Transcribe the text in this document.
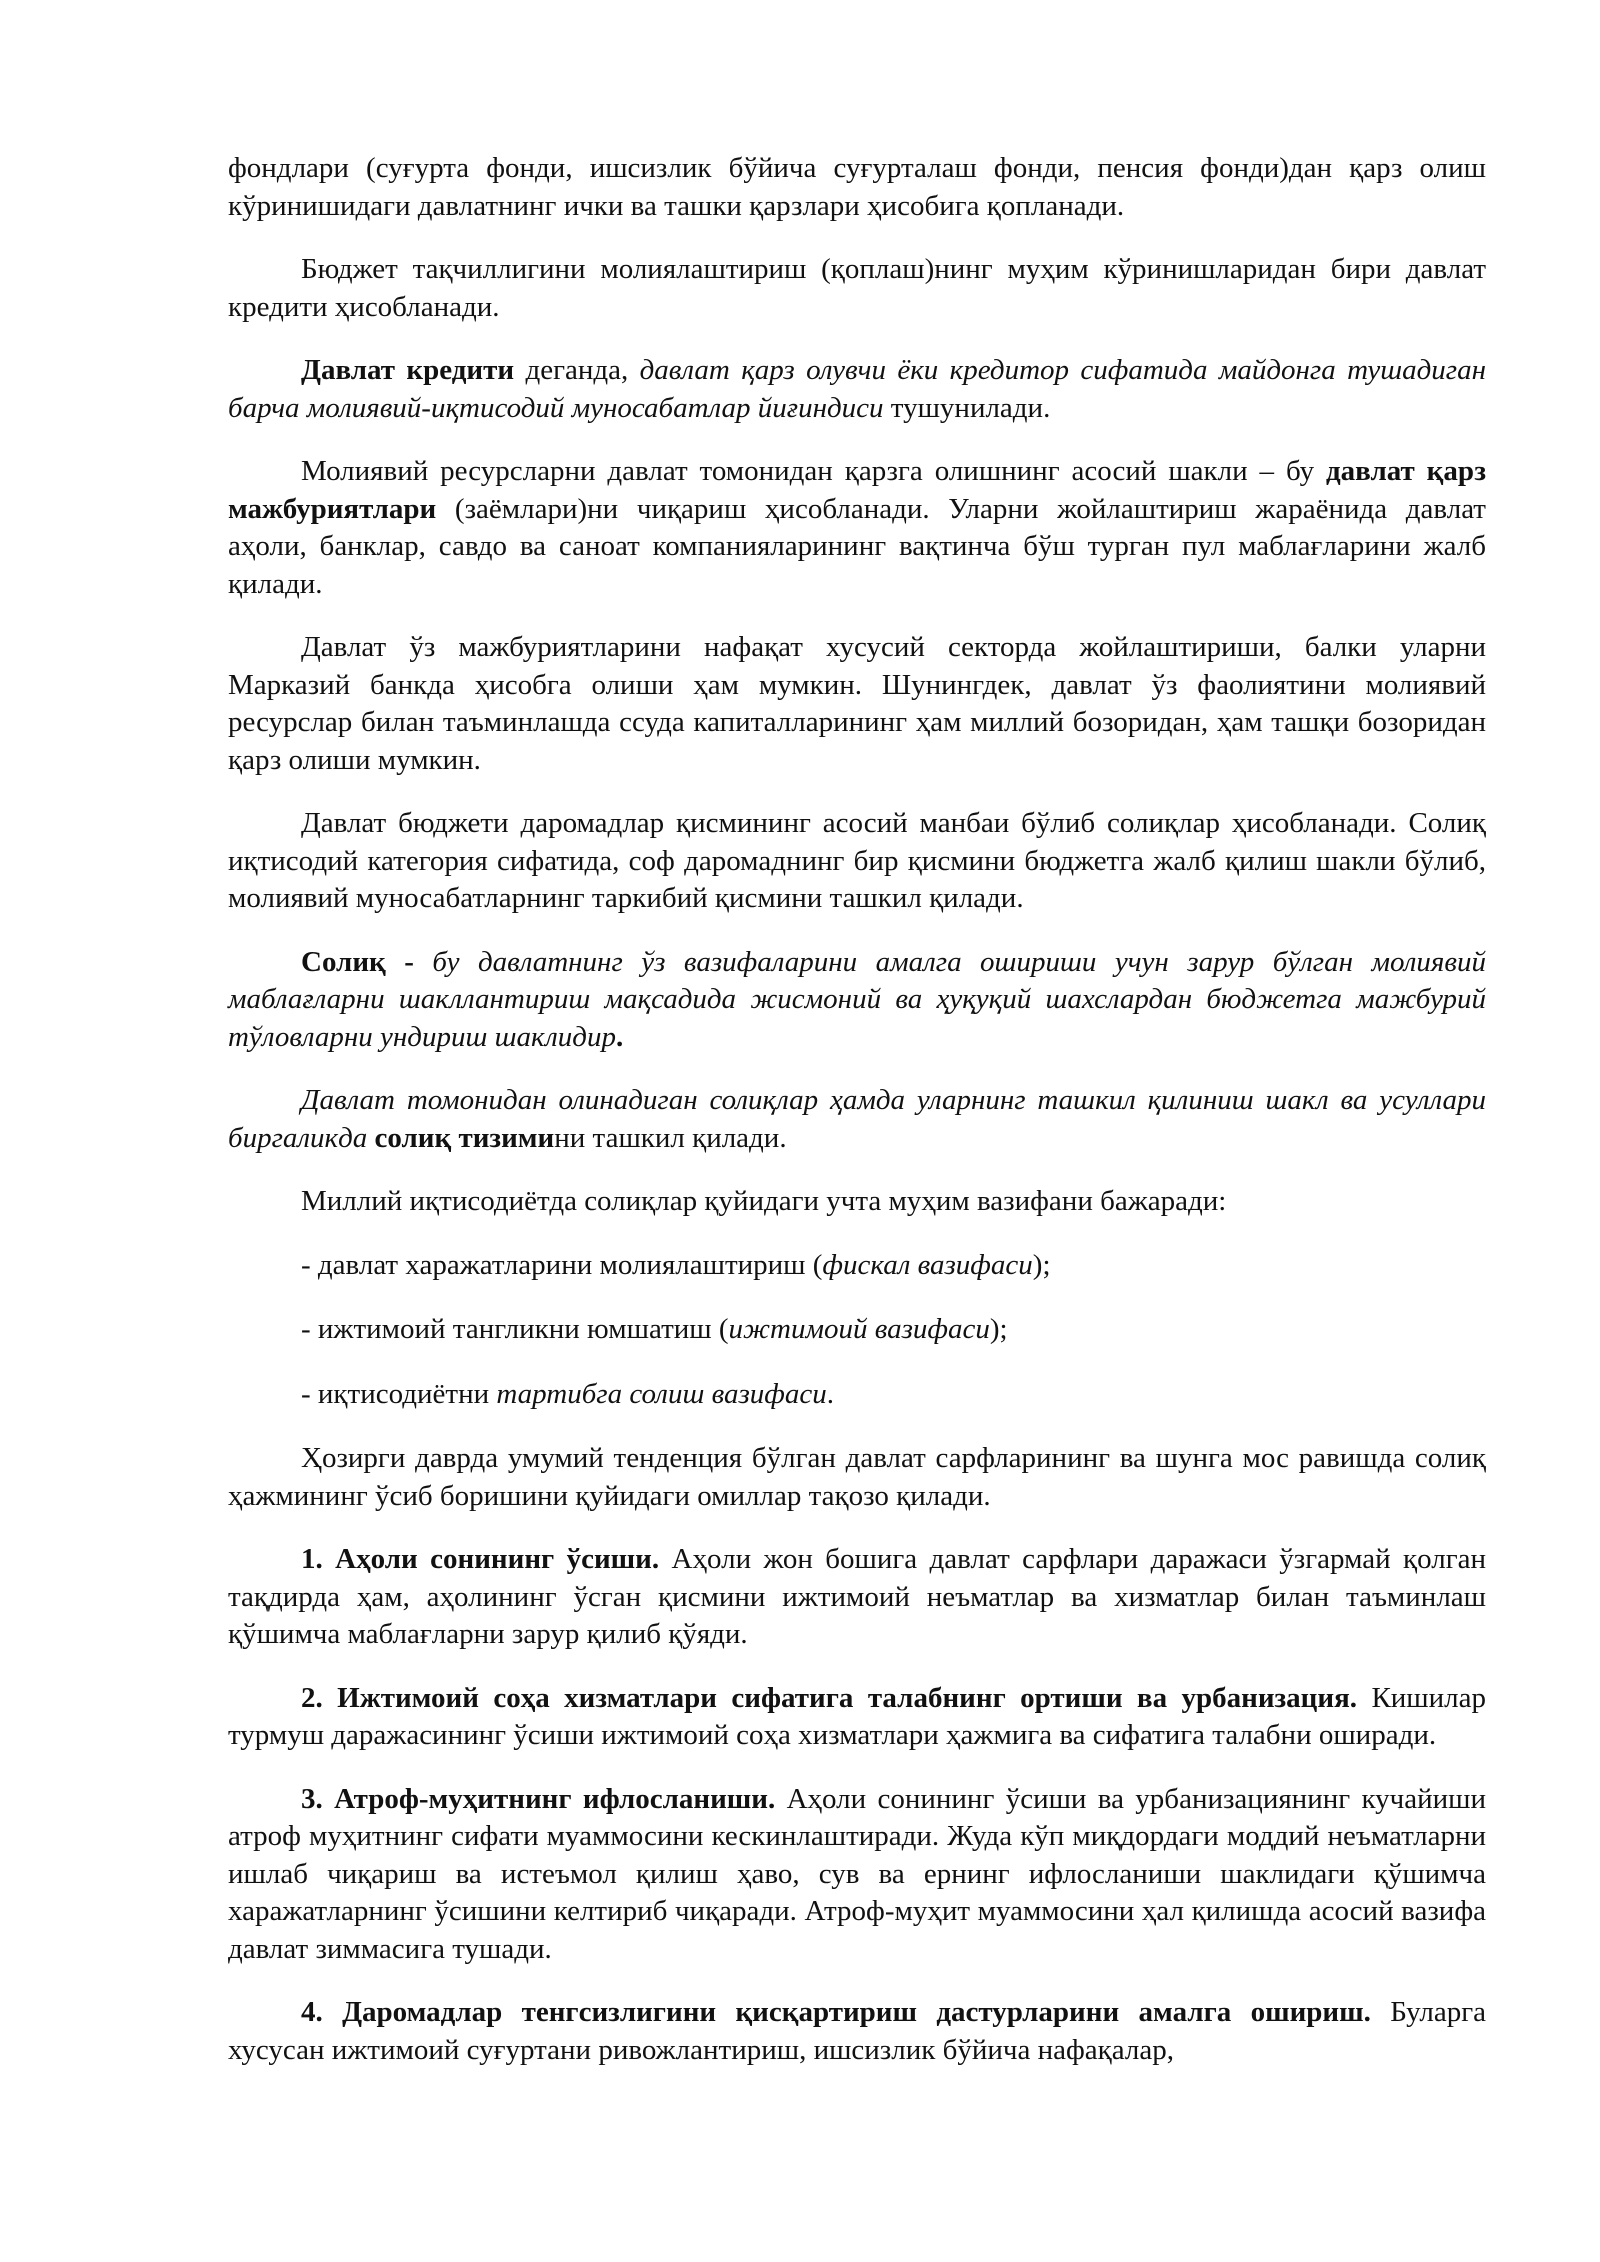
фондлари (суғурта фонди, ишсизлик бўйича суғурталаш фонди, пенсия фонди)дан қарз олиш кўринишидаги давлатнинг ички ва ташки қарзлари ҳисобига қопланади.

Бюджет тақчиллигини молиялаштириш (қоплаш)нинг муҳим кўринишларидан бири давлат кредити ҳисобланади.

Давлат кредити деганда, давлат қарз олувчи ёки кредитор сифатида майдонга тушадиган барча молиявий-иқтисодий муносабатлар йиғиндиси тушунилади.

Молиявий ресурсларни давлат томонидан қарзга олишнинг асосий шакли – бу давлат қарз мажбуриятлари (заёмлари)ни чиқариш ҳисобланади. Уларни жойлаштириш жараёнида давлат аҳоли, банклар, савдо ва саноат компанияларининг вақтинча бўш турган пул маблағларини жалб қилади.

Давлат ўз мажбуриятларини нафақат хусусий секторда жойлаштириши, балки уларни Марказий банкда ҳисобга олиши ҳам мумкин. Шунингдек, давлат ўз фаолиятини молиявий ресурслар билан таъминлашда ссуда капиталларининг ҳам миллий бозоридан, ҳам ташқи бозоридан қарз олиши мумкин.

Давлат бюджети даромадлар қисмининг асосий манбаи бўлиб солиқлар ҳисобланади. Солиқ иқтисодий категория сифатида, соф даромаднинг бир қисмини бюджетга жалб қилиш шакли бўлиб, молиявий муносабатларнинг таркибий қисмини ташкил қилади.

Солиқ - бу давлатнинг ўз вазифаларини амалга ошириши учун зарур бўлган молиявий маблағларни шакллантириш мақсадида жисмоний ва ҳуқуқий шахслардан бюджетга мажбурий тўловларни ундириш шаклидир.

Давлат томонидан олинадиган солиқлар ҳамда уларнинг ташкил қилиниш шакл ва усуллари биргаликда солиқ тизимини ташкил қилади.

Миллий иқтисодиётда солиқлар қуйидаги учта муҳим вазифани бажаради:

- давлат харажатларини молиялаштириш (фискал вазифаси);

- ижтимоий тангликни юмшатиш (ижтимоий вазифаси);

- иқтисодиётни тартибга солиш вазифаси.

Ҳозирги даврда умумий тенденция бўлган давлат сарфларининг ва шунга мос равишда солиқ ҳажмининг ўсиб боришини қуйидаги омиллар тақозо қилади.

1. Аҳоли сонининг ўсиши. Аҳоли жон бошига давлат сарфлари даражаси ўзгармай қолган тақдирда ҳам, аҳолининг ўсган қисмини ижтимоий неъматлар ва хизматлар билан таъминлаш қўшимча маблағларни зарур қилиб қўяди.

2. Ижтимоий соҳа хизматлари сифатига талабнинг ортиши ва урбанизация. Кишилар турмуш даражасининг ўсиши ижтимоий соҳа хизматлари ҳажмига ва сифатига талабни оширади.

3. Атроф-муҳитнинг ифлосланиши. Аҳоли сонининг ўсиши ва урбанизациянинг кучайиши атроф муҳитнинг сифати муаммосини кескинлаштиради. Жуда кўп миқдордаги моддий неъматларни ишлаб чиқариш ва истеъмол қилиш ҳаво, сув ва ернинг ифлосланиши шаклидаги қўшимча харажатларнинг ўсишини келтириб чиқаради. Атроф-муҳит муаммосини ҳал қилишда асосий вазифа давлат зиммасига тушади.

4. Даромадлар тенгсизлигини қисқартириш дастурларини амалга ошириш. Буларга хусусан ижтимоий суғуртани ривожлантириш, ишсизлик бўйича нафақалар,
